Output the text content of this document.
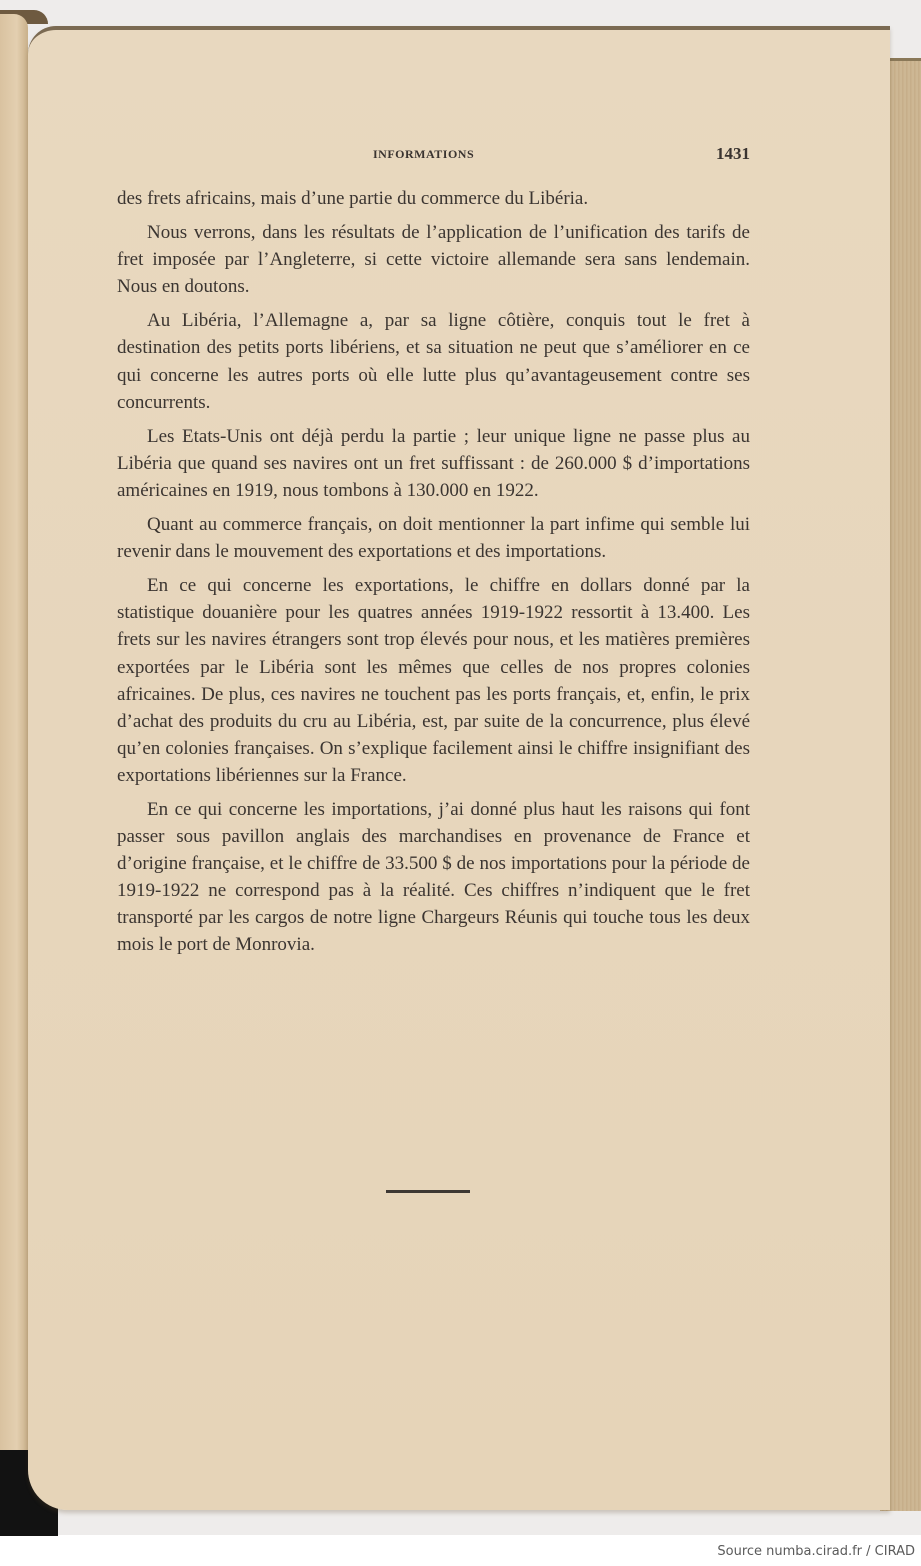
INFORMATIONS	1431

des frets africains, mais d’une partie du commerce du Libéria.

Nous verrons, dans les résultats de l’application de l’unification des tarifs de fret imposée par l’Angleterre, si cette victoire allemande sera sans lendemain. Nous en doutons.

Au Libéria, l’Allemagne a, par sa ligne côtière, conquis tout le fret à destination des petits ports libériens, et sa situation ne peut que s’améliorer en ce qui concerne les autres ports où elle lutte plus qu’avantageusement contre ses concurrents.

Les Etats-Unis ont déjà perdu la partie ; leur unique ligne ne passe plus au Libéria que quand ses navires ont un fret suffissant : de 260.000 $ d’importations américaines en 1919, nous tombons à 130.000 en 1922.

Quant au commerce français, on doit mentionner la part infime qui semble lui revenir dans le mouvement des exportations et des importations.

En ce qui concerne les exportations, le chiffre en dollars donné par la statistique douanière pour les quatres années 1919-1922 ressortit à 13.400. Les frets sur les navires étrangers sont trop élevés pour nous, et les matières premières exportées par le Libéria sont les mêmes que celles de nos propres colonies africaines. De plus, ces navires ne touchent pas les ports français, et, enfin, le prix d’achat des produits du cru au Libéria, est, par suite de la concurrence, plus élevé qu’en colonies françaises. On s’explique facilement ainsi le chiffre insignifiant des exportations libériennes sur la France.

En ce qui concerne les importations, j’ai donné plus haut les raisons qui font passer sous pavillon anglais des marchandises en provenance de France et d’origine française, et le chiffre de 33.500 $ de nos importations pour la période de 1919-1922 ne correspond pas à la réalité. Ces chiffres n’indiquent que le fret transporté par les cargos de notre ligne Chargeurs Réunis qui touche tous les deux mois le port de Monrovia.

Source numba.cirad.fr / CIRAD
